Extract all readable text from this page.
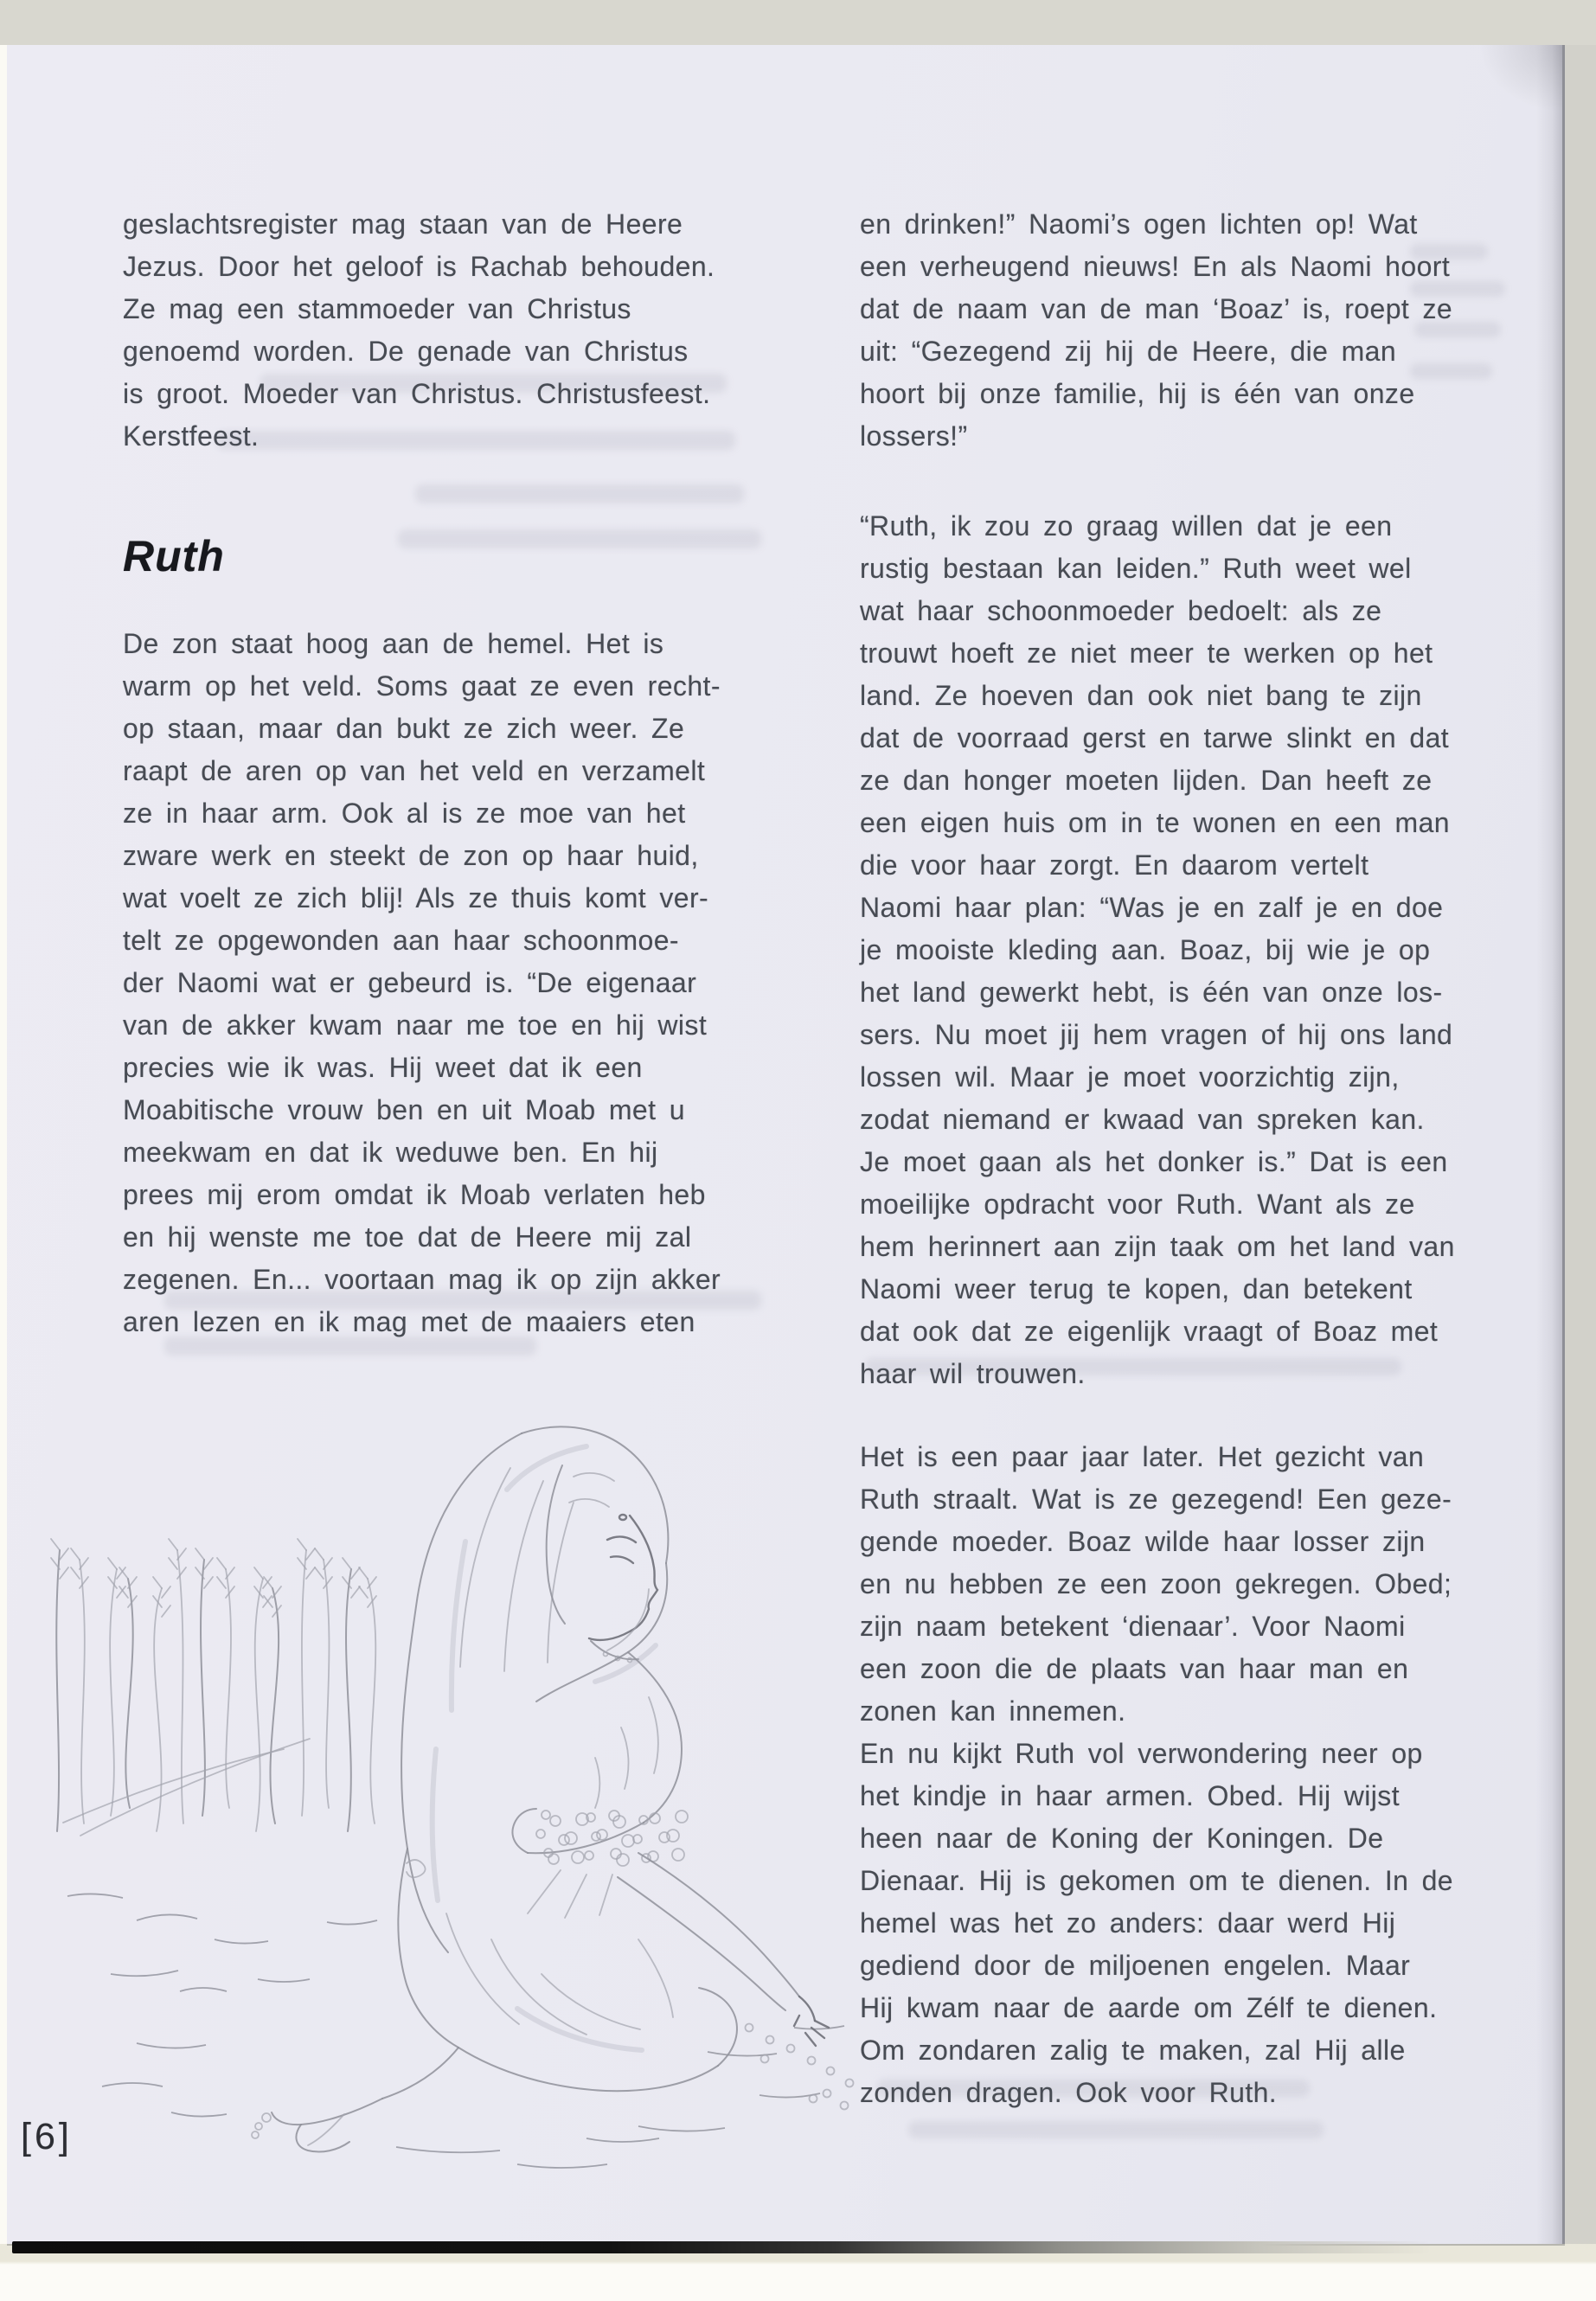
geslachtsregister mag staan van de Heere
Jezus. Door het geloof is Rachab behouden.
Ze mag een stammoeder van Christus
genoemd worden. De genade van Christus
is groot. Moeder van Christus. Christusfeest.
Kerstfeest.
Ruth
De zon staat hoog aan de hemel. Het is
warm op het veld. Soms gaat ze even recht-
op staan, maar dan bukt ze zich weer. Ze
raapt de aren op van het veld en verzamelt
ze in haar arm. Ook al is ze moe van het
zware werk en steekt de zon op haar huid,
wat voelt ze zich blij! Als ze thuis komt ver-
telt ze opgewonden aan haar schoonmoe-
der Naomi wat er gebeurd is. “De eigenaar
van de akker kwam naar me toe en hij wist
precies wie ik was. Hij weet dat ik een
Moabitische vrouw ben en uit Moab met u
meekwam en dat ik weduwe ben. En hij
prees mij erom omdat ik Moab verlaten heb
en hij wenste me toe dat de Heere mij zal
zegenen. En... voortaan mag ik op zijn akker
aren lezen en ik mag met de maaiers eten
en drinken!” Naomi’s ogen lichten op! Wat
een verheugend nieuws! En als Naomi hoort
dat de naam van de man ‘Boaz’ is, roept ze
uit: “Gezegend zij hij de Heere, die man
hoort bij onze familie, hij is één van onze
lossers!”
“Ruth, ik zou zo graag willen dat je een
rustig bestaan kan leiden.” Ruth weet wel
wat haar schoonmoeder bedoelt: als ze
trouwt hoeft ze niet meer te werken op het
land. Ze hoeven dan ook niet bang te zijn
dat de voorraad gerst en tarwe slinkt en dat
ze dan honger moeten lijden. Dan heeft ze
een eigen huis om in te wonen en een man
die voor haar zorgt. En daarom vertelt
Naomi haar plan: “Was je en zalf je en doe
je mooiste kleding aan. Boaz, bij wie je op
het land gewerkt hebt, is één van onze los-
sers. Nu moet jij hem vragen of hij ons land
lossen wil. Maar je moet voorzichtig zijn,
zodat niemand er kwaad van spreken kan.
Je moet gaan als het donker is.” Dat is een
moeilijke opdracht voor Ruth. Want als ze
hem herinnert aan zijn taak om het land van
Naomi weer terug te kopen, dan betekent
dat ook dat ze eigenlijk vraagt of Boaz met
haar wil trouwen.
Het is een paar jaar later. Het gezicht van
Ruth straalt. Wat is ze gezegend! Een geze-
gende moeder. Boaz wilde haar losser zijn
en nu hebben ze een zoon gekregen. Obed;
zijn naam betekent ‘dienaar’. Voor Naomi
een zoon die de plaats van haar man en
zonen kan innemen.
En nu kijkt Ruth vol verwondering neer op
het kindje in haar armen. Obed. Hij wijst
heen naar de Koning der Koningen. De
Dienaar. Hij is gekomen om te dienen. In de
hemel was het zo anders: daar werd Hij
gediend door de miljoenen engelen. Maar
Hij kwam naar de aarde om Zélf te dienen.
Om zondaren zalig te maken, zal Hij alle
zonden dragen. Ook voor Ruth.
[6]
